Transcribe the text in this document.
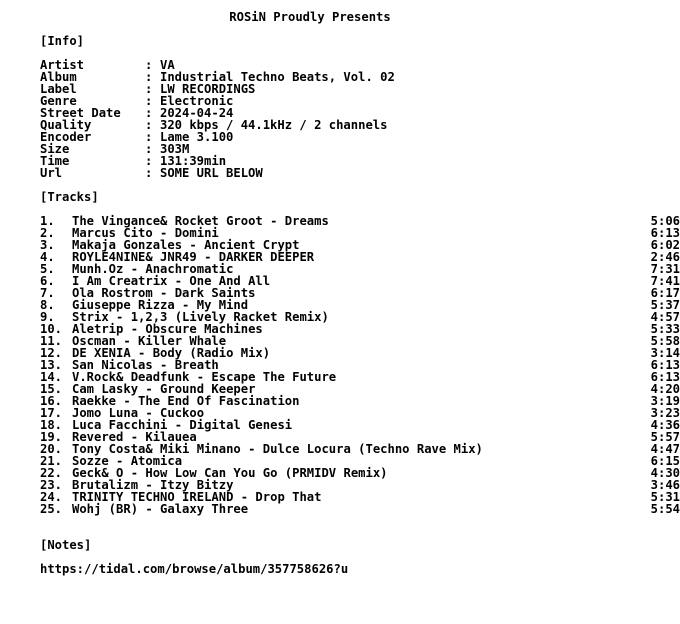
ROSiN Proudly Presents
[Info]
Artist	: VA
Album	: Industrial Techno Beats, Vol. 02
Label	: LW RECORDINGS
Genre	: Electronic
Street Date : 2024-04-24
Quality	: 320 kbps / 44.1kHz / 2 channels
Encoder	: Lame 3.100
Size	: 303M
Time	: 131:39min
Url	: SOME URL BELOW
[Tracks]
1. The Vingance& Rocket Groot - Dreams	5:06
2. Marcus Cito - Domini	6:13
3. Makaja Gonzales - Ancient Crypt	6:02
4. ROYLE4NINE& JNR49 - DARKER DEEPER	2:46
5. Munh.Oz - Anachromatic	7:31
6. I Am Creatrix - One And All	7:41
7. Ola Rostrom - Dark Saints	6:17
8. Giuseppe Rizza - My Mind	5:37
9. Strix - 1,2,3 (Lively Racket Remix)	4:57
10. Aletrip - Obscure Machines	5:33
11. Oscman - Killer Whale	5:58
12. DE XENIA - Body (Radio Mix)	3:14
13. San Nicolas - Breath	6:13
14. V.Rock& Deadfunk - Escape The Future	6:13
15. Cam Lasky - Ground Keeper	4:20
16. Raekke - The End Of Fascination	3:19
17. Jomo Luna - Cuckoo	3:23
18. Luca Facchini - Digital Genesi	4:36
19. Revered - Kilauea	5:57
20. Tony Costa& Miki Minano - Dulce Locura (Techno Rave Mix)	4:47
21. Sozze - Atomica	6:15
22. Geck& O - How Low Can You Go (PRMIDV Remix)	4:30
23. Brutalizm - Itzy Bitzy	3:46
24. TRINITY TECHNO IRELAND - Drop That	5:31
25. Wohj (BR) - Galaxy Three	5:54
[Notes]
https://tidal.com/browse/album/357758626?u
